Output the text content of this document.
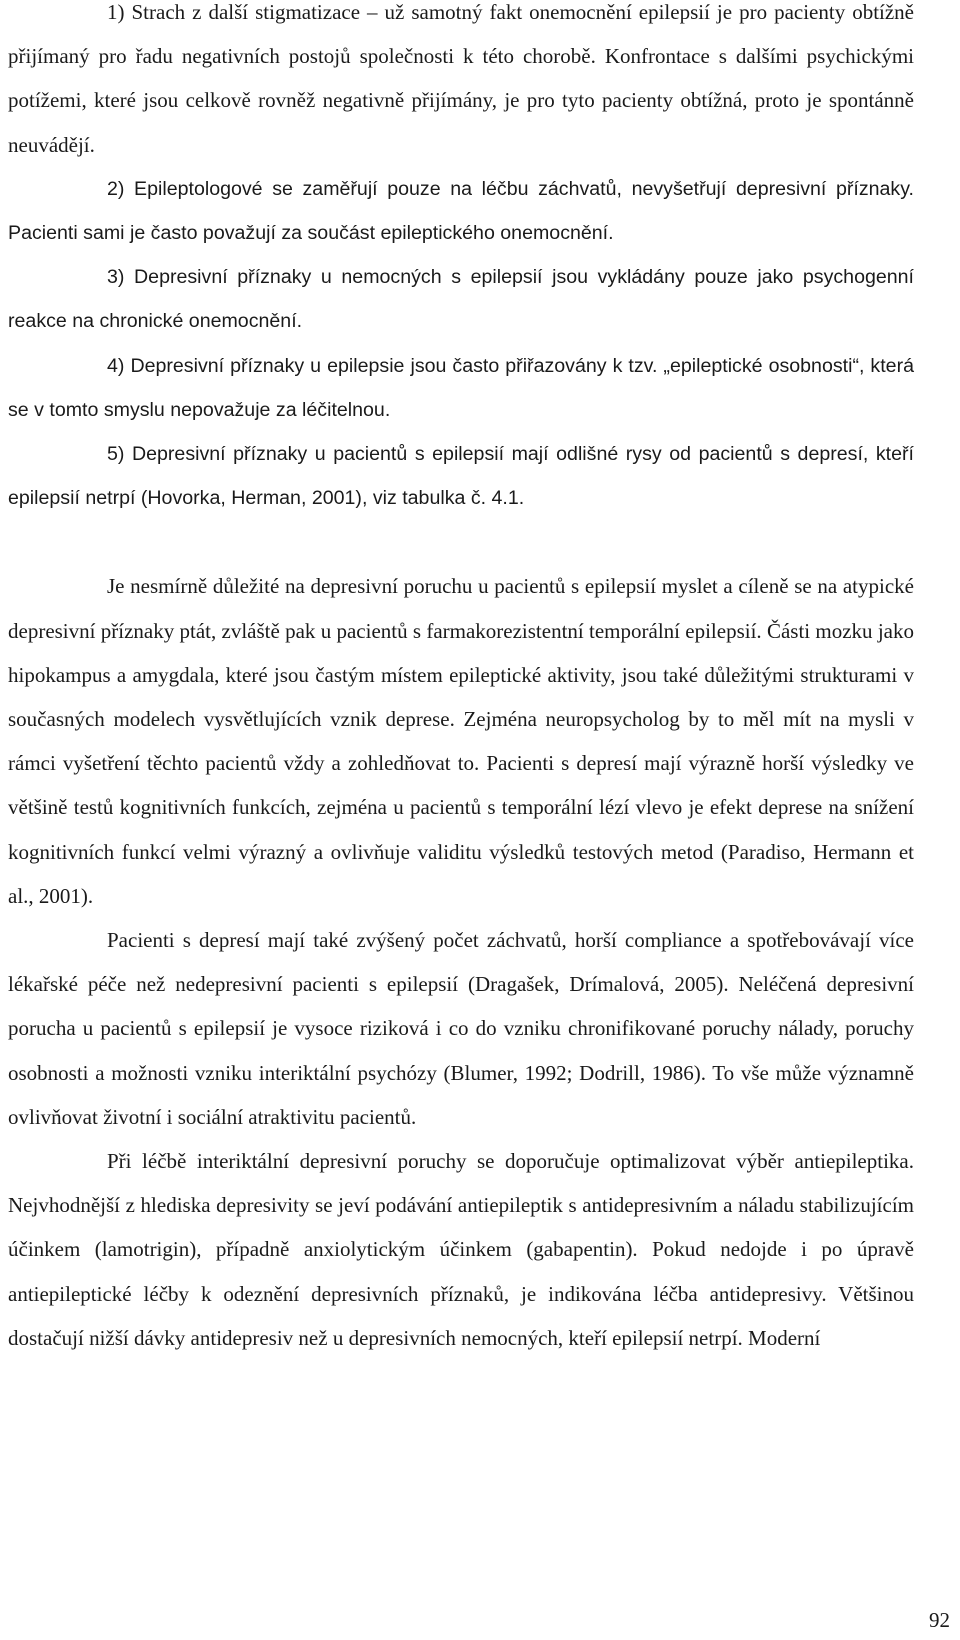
1) Strach z další stigmatizace – už samotný fakt onemocnění epilepsií je pro pacienty obtížně přijímaný pro řadu negativních postojů společnosti k této chorobě. Konfrontace s dalšími psychickými potížemi, které jsou celkově rovněž negativně přijímány, je pro tyto pacienty obtížná, proto je spontánně neuvádějí.

2) Epileptologové se zaměřují pouze na léčbu záchvatů, nevyšetřují depresivní příznaky. Pacienti sami je často považují za součást epileptického onemocnění.

3) Depresivní příznaky u nemocných s epilepsií jsou vykládány pouze jako psychogenní reakce na chronické onemocnění.

4) Depresivní příznaky u epilepsie jsou často přiřazovány k tzv. „epileptické osobnosti“, která se v tomto smyslu nepovažuje za léčitelnou.

5) Depresivní příznaky u pacientů s epilepsií mají odlišné rysy od pacientů s depresí, kteří epilepsií netrpí (Hovorka, Herman, 2001), viz tabulka č. 4.1.

Je nesmírně důležité na depresivní poruchu u pacientů s epilepsií myslet a cíleně se na atypické depresivní příznaky ptát, zvláště pak u pacientů s farmakorezistentní temporální epilepsií. Části mozku jako hipokampus a amygdala, které jsou častým místem epileptické aktivity, jsou také důležitými strukturami v současných modelech vysvětlujících vznik deprese. Zejména neuropsycholog by to měl mít na mysli v rámci vyšetření těchto pacientů vždy a zohledňovat to. Pacienti s depresí mají výrazně horší výsledky ve většině testů kognitivních funkcích, zejména u pacientů s temporální lézí vlevo je efekt deprese na snížení kognitivních funkcí velmi výrazný a ovlivňuje validitu výsledků testových metod (Paradiso, Hermann et al., 2001).

Pacienti s depresí mají také zvýšený počet záchvatů, horší compliance a spotřebovávají více lékařské péče než nedepresivní pacienti s epilepsií (Dragašek, Drímalová, 2005). Neléčená depresivní porucha u pacientů s epilepsií je vysoce riziková i co do vzniku chronifikované poruchy nálady, poruchy osobnosti a možnosti vzniku interiktální psychózy (Blumer, 1992; Dodrill, 1986). To vše může významně ovlivňovat životní i sociální atraktivitu pacientů.

Při léčbě interiktální depresivní poruchy se doporučuje optimalizovat výběr antiepileptika. Nejvhodnější z hlediska depresivity se jeví podávání antiepileptik s antidepresivním a náladu stabilizujícím účinkem (lamotrigin), případně anxiolytickým účinkem (gabapentin). Pokud nedojde i po úpravě antiepileptické léčby k odeznění depresivních příznaků, je indikována léčba antidepresivy. Většinou dostačují nižší dávky antidepresiv než u depresivních nemocných, kteří epilepsií netrpí. Moderní

92
